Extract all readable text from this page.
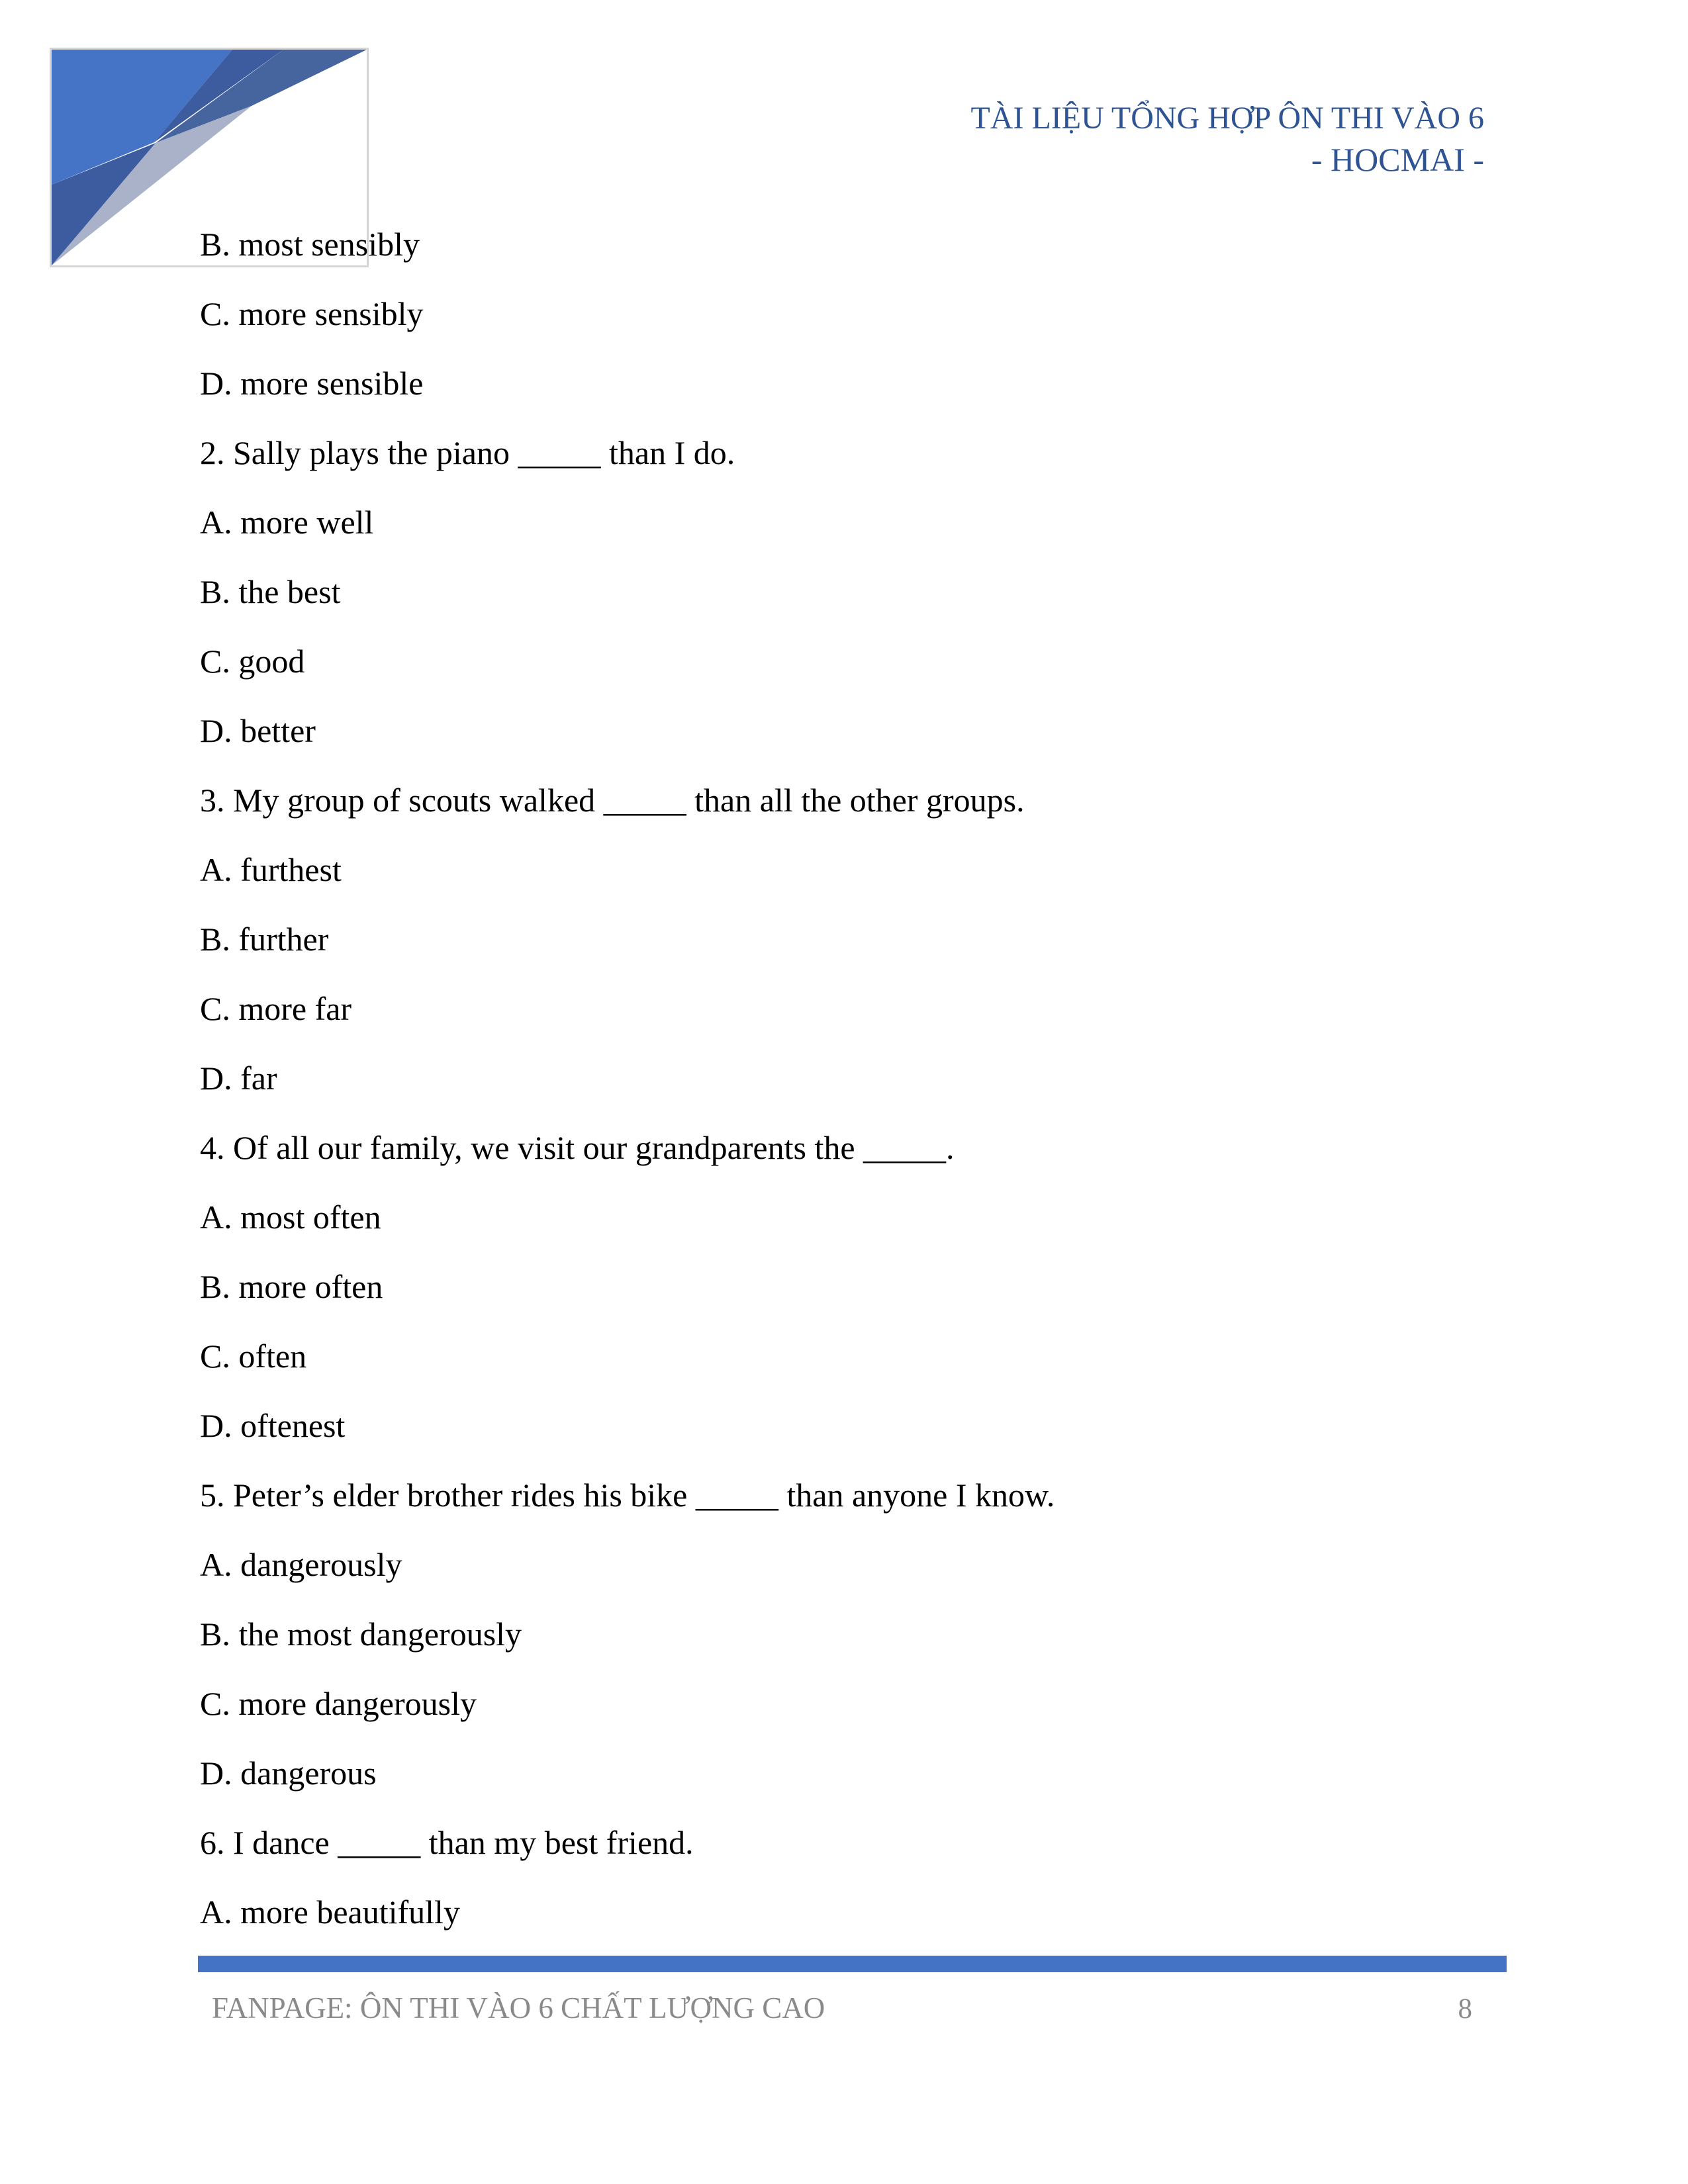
TÀI LIỆU TỔNG HỢP ÔN THI VÀO 6
- HOCMAI -
B. most sensibly
C. more sensibly
D. more sensible
2. Sally plays the piano _____ than I do.
A. more well
B. the best
C. good
D. better
3. My group of scouts walked _____ than all the other groups.
A. furthest
B. further
C. more far
D. far
4. Of all our family, we visit our grandparents the _____.
A. most often
B. more often
C. often
D. oftenest
5. Peter’s elder brother rides his bike _____ than anyone I know.
A. dangerously
B. the most dangerously
C. more dangerously
D. dangerous
6. I dance _____ than my best friend.
A. more beautifully
FANPAGE: ÔN THI VÀO 6 CHẤT LƯỢNG CAO	8
